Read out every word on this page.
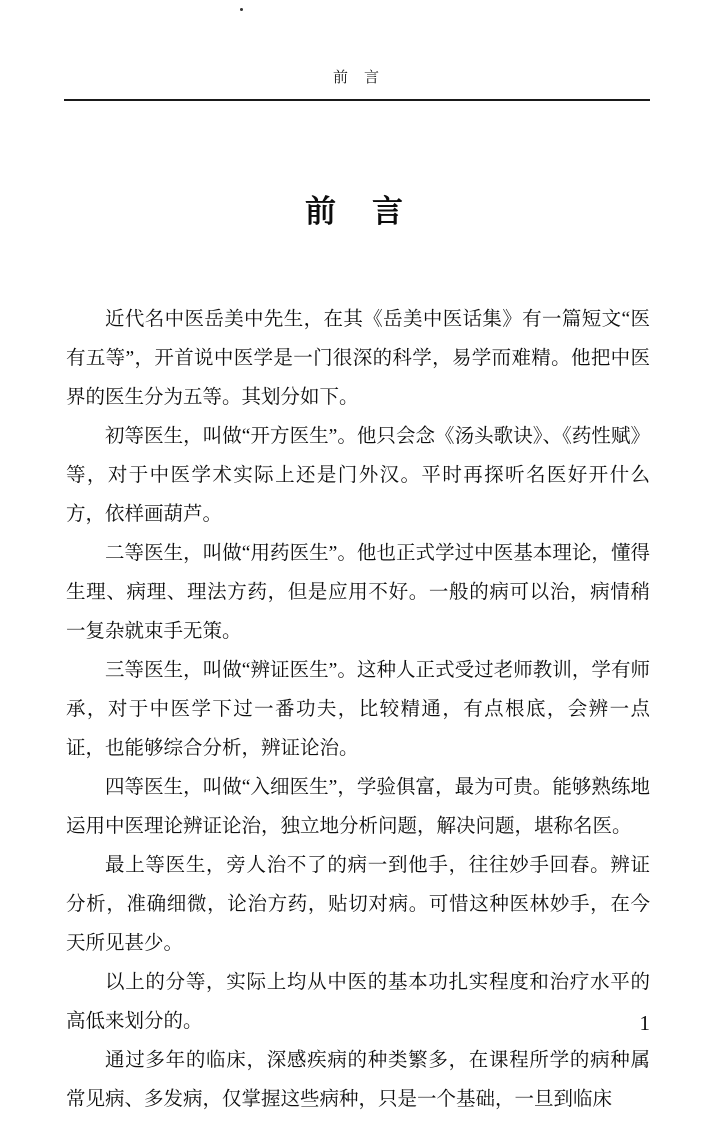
前 言
前 言

近代名中医岳美中先生，在其《岳美中医话集》有一篇短文“医有五等”，开首说中医学是一门很深的科学，易学而难精。他把中医界的医生分为五等。其划分如下。

初等医生，叫做“开方医生”。他只会念《汤头歌诀》、《药性赋》等，对于中医学术实际上还是门外汉。平时再探听名医好开什么方，依样画葫芦。

二等医生，叫做“用药医生”。他也正式学过中医基本理论，懂得生理、病理、理法方药，但是应用不好。一般的病可以治，病情稍一复杂就束手无策。

三等医生，叫做“辨证医生”。这种人正式受过老师教训，学有师承，对于中医学下过一番功夫，比较精通，有点根底，会辨一点证，也能够综合分析，辨证论治。

四等医生，叫做“入细医生”，学验俱富，最为可贵。能够熟练地运用中医理论辨证论治，独立地分析问题，解决问题，堪称名医。

最上等医生，旁人治不了的病一到他手，往往妙手回春。辨证分析，准确细微，论治方药，贴切对病。可惜这种医林妙手，在今天所见甚少。

以上的分等，实际上均从中医的基本功扎实程度和治疗水平的高低来划分的。

通过多年的临床，深感疾病的种类繁多，在课程所学的病种属常见病、多发病，仅掌握这些病种，只是一个基础，一旦到临床

1
